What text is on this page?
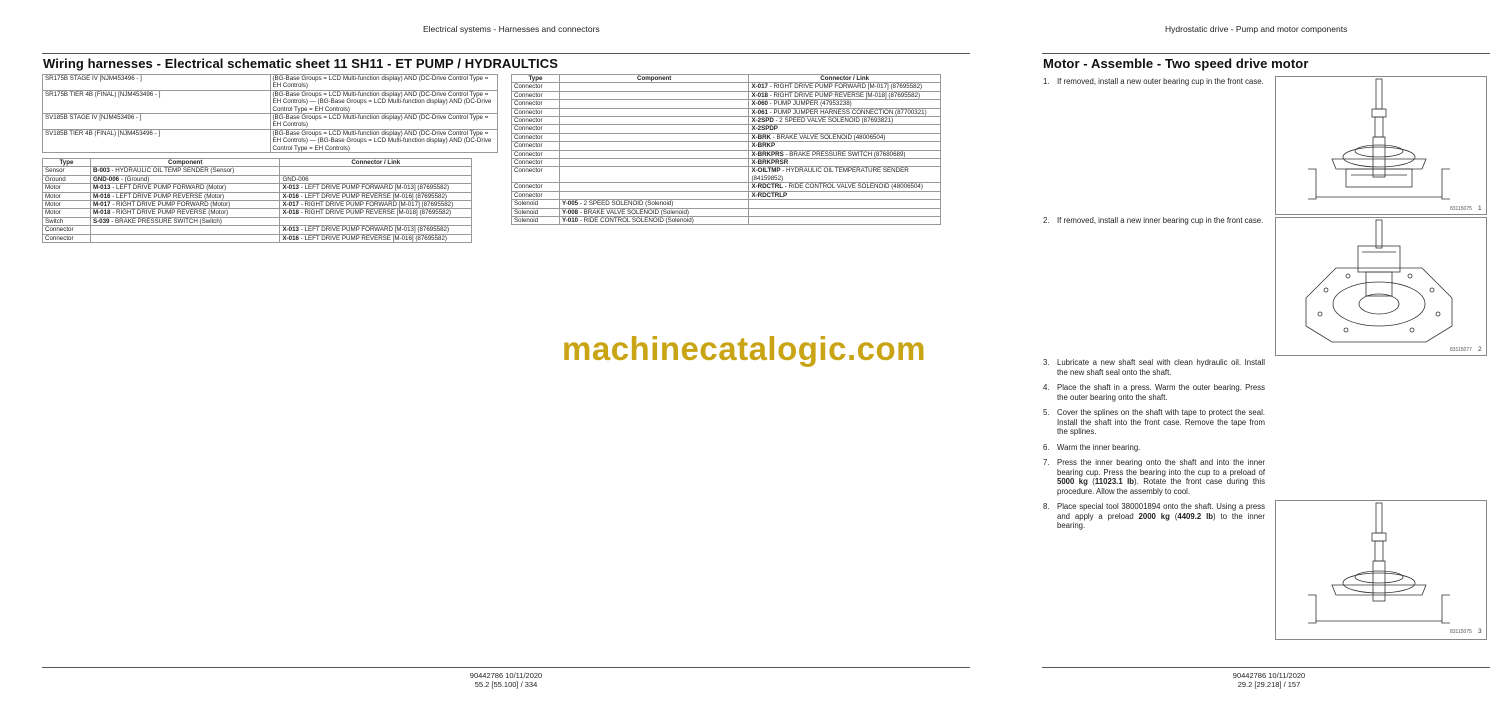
Electrical systems - Harnesses and connectors
Wiring harnesses - Electrical schematic sheet 11 SH11 - ET PUMP / HYDRAULTICS
SR175B STAGE IV [NJM453496 - ]	(BG-Base Groups = LCD Multi-function display) AND (DC-Drive Control Type = EH Controls)
SR175B TIER 4B (FINAL) [NJM453496 - ]	(BG-Base Groups = LCD Multi-function display) AND (DC-Drive Control Type = EH Controls) — (BG-Base Groups = LCD Multi-function display) AND (DC-Drive Control Type = EH Controls)
SV185B STAGE IV [NJM453496 - ]	(BG-Base Groups = LCD Multi-function display) AND (DC-Drive Control Type = EH Controls)
SV185B TIER 4B (FINAL) [NJM453496 - ]	(BG-Base Groups = LCD Multi-function display) AND (DC-Drive Control Type = EH Controls) — (BG-Base Groups = LCD Multi-function display) AND (DC-Drive Control Type = EH Controls)
Type	Component	Connector / Link
Sensor	B-003 - HYDRAULIC OIL TEMP SENDER (Sensor)	
Ground	GND-006 - (Ground)	GND-006
Motor	M-013 - LEFT DRIVE PUMP FORWARD (Motor)	X-013 - LEFT DRIVE PUMP FORWARD [M-013] (87695582)
Motor	M-016 - LEFT DRIVE PUMP REVERSE (Motor)	X-016 - LEFT DRIVE PUMP REVERSE [M-016] (87695582)
Motor	M-017 - RIGHT DRIVE PUMP FORWARD (Motor)	X-017 - RIGHT DRIVE PUMP FORWARD [M-017] (87695582)
Motor	M-018 - RIGHT DRIVE PUMP REVERSE (Motor)	X-018 - RIGHT DRIVE PUMP REVERSE [M-018] (87695582)
Switch	S-039 - BRAKE PRESSURE SWITCH (Switch)	
Connector		X-013 - LEFT DRIVE PUMP FORWARD [M-013] (87695582)
Connector		X-016 - LEFT DRIVE PUMP REVERSE [M-016] (87695582)
Type	Component	Connector / Link
Connector		X-017 - RIGHT DRIVE PUMP FORWARD [M-017] (87695582)
Connector		X-018 - RIGHT DRIVE PUMP REVERSE [M-018] (87695582)
Connector		X-060 - PUMP JUMPER (47953238)
Connector		X-061 - PUMP JUMPER HARNESS CONNECTION (87700321)
Connector		X-2SPD - 2 SPEED VALVE SOLENOID (87693821)
Connector		X-2SPDP
Connector		X-BRK - BRAKE VALVE SOLENOID (48006504)
Connector		X-BRKP
Connector		X-BRKPRS - BRAKE PRESSURE SWITCH (87680689)
Connector		X-BRKPRSR
Connector		X-OILTMP - HYDRAULIC OIL TEMPERATURE SENDER (84159852)
Connector		X-RDCTRL - RIDE CONTROL VALVE SOLENOID (48006504)
Connector		X-RDCTRLP
Solenoid	Y-005 - 2 SPEED SOLENOID (Solenoid)	
Solenoid	Y-008 - BRAKE VALVE SOLENOID (Solenoid)	
Solenoid	Y-010 - RIDE CONTROL SOLENOID (Solenoid)	
90442786 10/11/2020
55.2 [55.100] / 334
machinecatalogic.com
Hydrostatic drive - Pump and motor components
Motor - Assemble - Two speed drive motor
1. If removed, install a new outer bearing cup in the front case.
2. If removed, install a new inner bearing cup in the front case.
3. Lubricate a new shaft seal with clean hydraulic oil. Install the new shaft seal onto the shaft.
4. Place the shaft in a press. Warm the outer bearing. Press the outer bearing onto the shaft.
5. Cover the splines on the shaft with tape to protect the seal. Install the shaft into the front case. Remove the tape from the splines.
6. Warm the inner bearing.
7. Press the inner bearing onto the shaft and into the inner bearing cup. Press the bearing into the cup to a preload of 5000 kg (11023.1 lb). Rotate the front case during this procedure. Allow the assembly to cool.
8. Place special tool 380001894 onto the shaft. Using a press and apply a preload 2000 kg (4409.2 lb) to the inner bearing.
83115075 1
83115077 2
83115075 3
90442786 10/11/2020
29.2 [29.218] / 157
